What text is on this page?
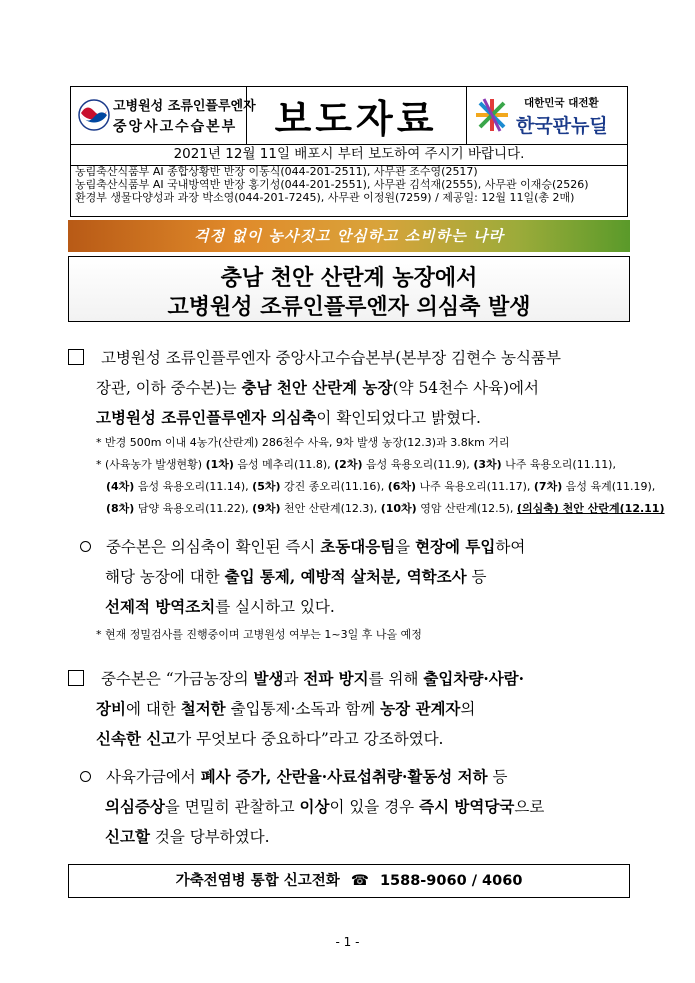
고병원성 조류인플루엔자
중앙사고수습본부 보도자료	대한민국 대전환
한국판뉴딜
2021년 12월 11일 배포시 부터 보도하여 주시기 바랍니다.
농림축산식품부 AI 종합상황반 반장 이동식(044-201-2511), 사무관 조수영(2517)
농림축산식품부 AI 국내방역반 반장 홍기성(044-201-2551), 사무관 김석재(2555), 사무관 이재승(2526)
환경부 생물다양성과 과장 박소영(044-201-7245), 사무관 이정원(7259) / 제공일: 12월 11일(총 2매)
걱정 없이 농사짓고 안심하고 소비하는 나라
충남 천안 산란계 농장에서
고병원성 조류인플루엔자 의심축 발생
고병원성 조류인플루엔자 중앙사고수습본부(본부장 김현수 농식품부
장관, 이하 중수본)는 충남 천안 산란계 농장(약 54천수 사육)에서
고병원성 조류인플루엔자 의심축이 확인되었다고 밝혔다.
* 반경 500m 이내 4농가(산란계) 286천수 사육, 9차 발생 농장(12.3)과 3.8km 거리
* (사육농가 발생현황) (1차) 음성 메추리(11.8), (2차) 음성 육용오리(11.9), (3차) 나주 육용오리(11.11),
(4차) 음성 육용오리(11.14), (5차) 강진 종오리(11.16), (6차) 나주 육용오리(11.17), (7차) 음성 육계(11.19),
(8차) 담양 육용오리(11.22), (9차) 천안 산란계(12.3), (10차) 영암 산란계(12.5), (의심축) 천안 산란계(12.11)
중수본은 의심축이 확인된 즉시 초동대응팀을 현장에 투입하여
해당 농장에 대한 출입 통제, 예방적 살처분, 역학조사 등
선제적 방역조치를 실시하고 있다.
* 현재 정밀검사를 진행중이며 고병원성 여부는 1~3일 후 나올 예정
중수본은 “가금농장의 발생과 전파 방지를 위해 출입차량·사람·
장비에 대한 철저한 출입통제·소독과 함께 농장 관계자의
신속한 신고가 무엇보다 중요하다”라고 강조하였다.
사육가금에서 폐사 증가, 산란율·사료섭취량·활동성 저하 등
의심증상을 면밀히 관찰하고 이상이 있을 경우 즉시 방역당국으로
신고할 것을 당부하였다.
가축전염병 통합 신고전화 ☎ 1588-9060 / 4060
- 1 -
